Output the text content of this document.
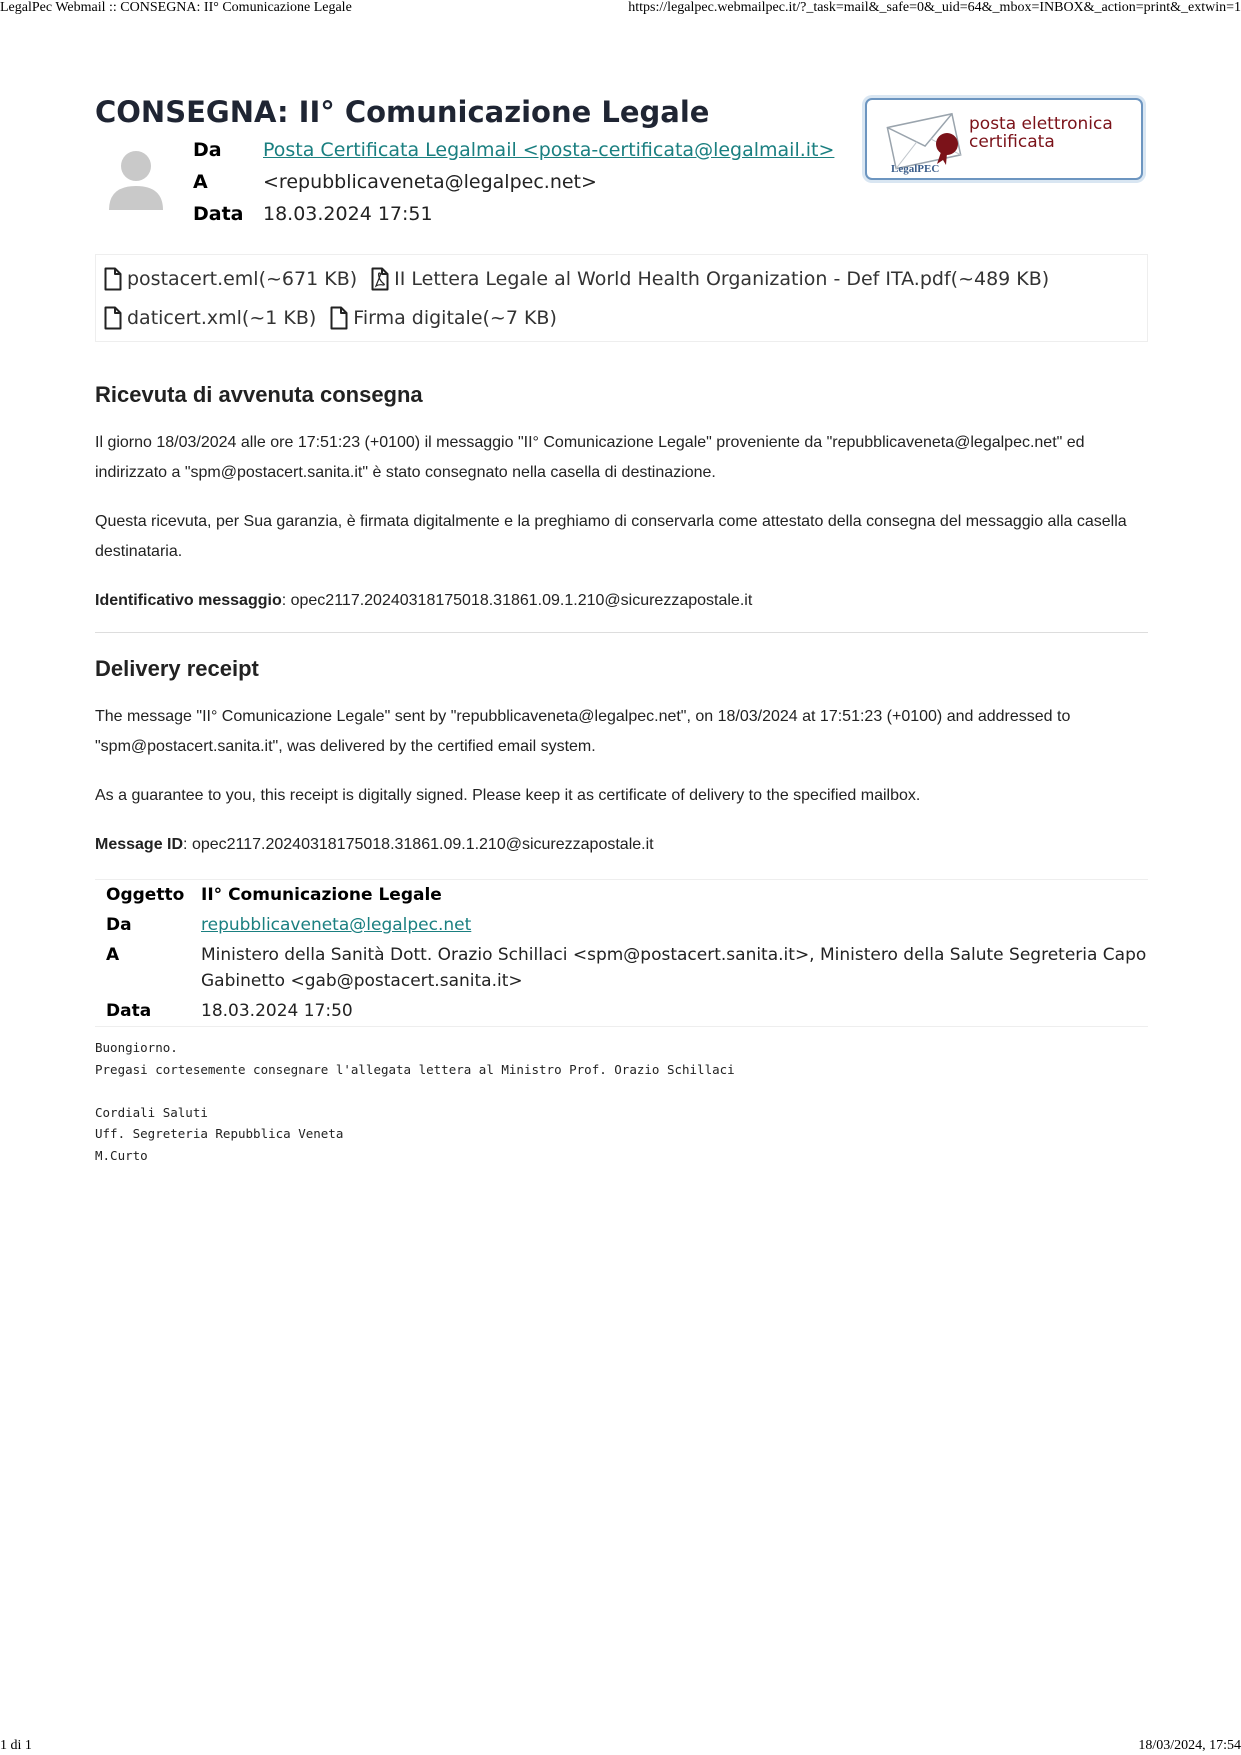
LegalPec Webmail :: CONSEGNA: II° Comunicazione Legale	https://legalpec.webmailpec.it/?_task=mail&_safe=0&_uid=64&_mbox=INBOX&_action=print&_extwin=1
LegalPEC
posta elettronica
certificata
CONSEGNA: II° Comunicazione Legale
Da	Posta Certificata Legalmail <posta-certificata@legalmail.it>
A	<repubblicaveneta@legalpec.net>
Data	18.03.2024 17:51
postacert.eml (~671 KB) II Lettera Legale al World Health Organization - Def ITA.pdf (~489 KB)
daticert.xml (~1 KB) Firma digitale (~7 KB)
Ricevuta di avvenuta consegna

Il giorno 18/03/2024 alle ore 17:51:23 (+0100) il messaggio "II° Comunicazione Legale" proveniente da "repubblicaveneta@legalpec.net" ed indirizzato a "spm@postacert.sanita.it" è stato consegnato nella casella di destinazione.

Questa ricevuta, per Sua garanzia, è firmata digitalmente e la preghiamo di conservarla come attestato della consegna del messaggio alla casella destinataria.

Identificativo messaggio: opec2117.20240318175018.31861.09.1.210@sicurezzapostale.it

Delivery receipt

The message "II° Comunicazione Legale" sent by "repubblicaveneta@legalpec.net", on 18/03/2024 at 17:51:23 (+0100) and addressed to "spm@postacert.sanita.it", was delivered by the certified email system.

As a guarantee to you, this receipt is digitally signed. Please keep it as certificate of delivery to the specified mailbox.

Message ID: opec2117.20240318175018.31861.09.1.210@sicurezzapostale.it

Oggetto	II° Comunicazione Legale
Da	repubblicaveneta@legalpec.net
A	Ministero della Sanità Dott. Orazio Schillaci <spm@postacert.sanita.it>, Ministero della Salute Segreteria Capo Gabinetto <gab@postacert.sanita.it>
Data	18.03.2024 17:50
Buongiorno.
Pregasi cortesemente consegnare l'allegata lettera al Ministro Prof. Orazio Schillaci

Cordiali Saluti
Uff. Segreteria Repubblica Veneta
M.Curto
1 di 1	18/03/2024, 17:54
